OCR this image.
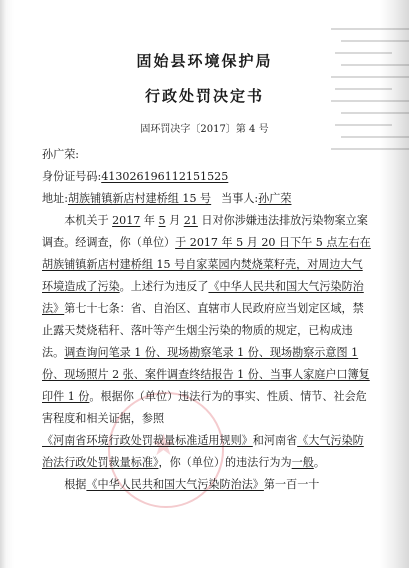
★
固始县环境保护局
行政处罚决定书
固环罚决字〔2017〕第 4 号

孙广荣:

身份证号码:413026196112151525

地址:胡族铺镇新店村建桥组 15 号 当事人:孙广荣

本机关于 2017 年 5 月 21 日对你涉嫌违法排放污染物案立案调查。经调查，你（单位）于 2017 年 5 月 20 日下午 5 点左右在胡族铺镇新店村建桥组 15 号自家菜园内焚烧菜籽壳，对周边大气环境造成了污染。上述行为违反了《中华人民共和国大气污染防治法》第七十七条：省、自治区、直辖市人民政府应当划定区域，禁止露天焚烧秸秆、落叶等产生烟尘污染的物质的规定，已构成违法。调查询问笔录 1 份、现场勘察笔录 1 份、现场勘察示意图 1 份、现场照片 2 张、案件调查终结报告 1 份、当事人家庭户口簿复印件 1 份。根据你（单位）违法行为的事实、性质、情节、社会危害程度和相关证据，参照《河南省环境行政处罚裁量标准适用规则》和河南省《大气污染防治法行政处罚裁量标准》，你（单位）的违法行为为一般。

根据《中华人民共和国大气污染防治法》第一百一十
